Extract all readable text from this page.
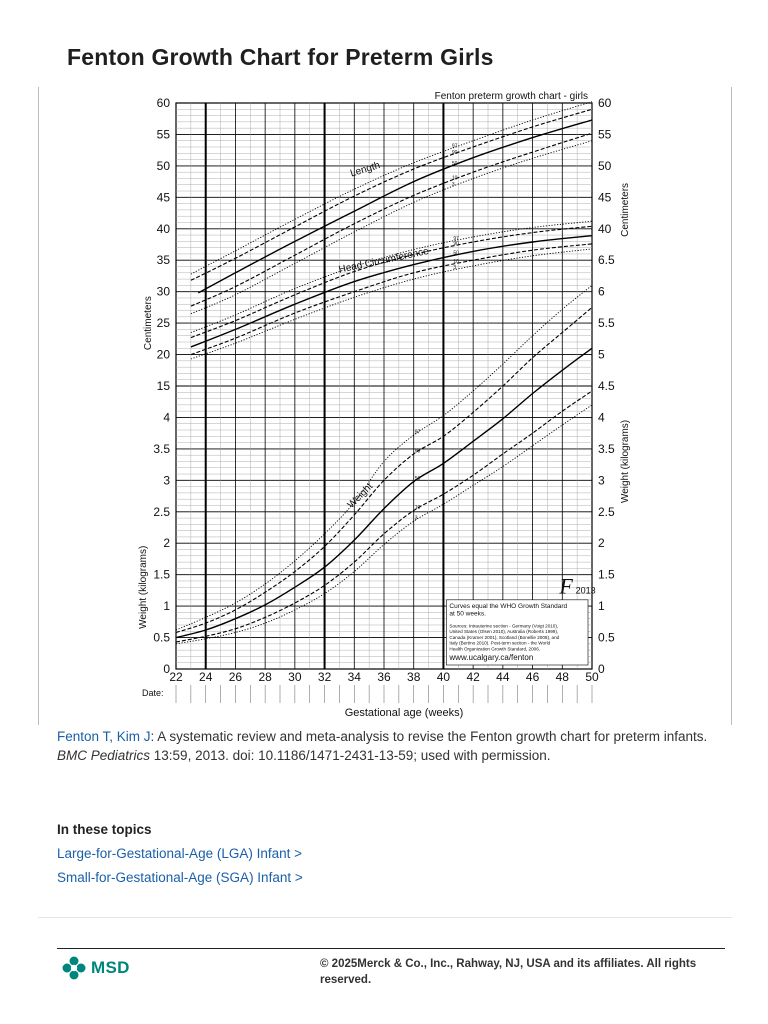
Fenton Growth Chart for Preterm Girls
Fenton preterm growth chart - girls
60
55
50
45
40
35
30
25
20
15
4
3.5
3
2.5
2
1.5
1
0.5
0
60
55
50
45
40
6.5
6
5.5
5
4.5
4
3.5
3
2.5
2
1.5
1
0.5
0
22 24 26 28 30 32 34 36 38 40 42 44 46 48 50
Date:
Gestational age (weeks)
Centimeters
Weight (kilograms)
Centimeters
Weight (kilograms)
F 2013
Curves equal the WHO Growth Standard
at 50 weeks.
Sources: Intrauterine section - Germany (Voigt 2010),
United States (Olsen 2010), Australia (Roberts 1999),
Canada (Kramer 2001), Scotland (Bonellie 2008), and
Italy (Bertino 2010). Post-term section - the World
Health Organization Growth Standard, 2006.
www.ucalgary.ca/fenton
97
90
50
10
3
97
90
50
10
3
97
90
50
10
3
Length
Head Circumference
Weight
Fenton T, Kim J: A systematic review and meta-analysis to revise the Fenton growth chart for preterm infants. BMC Pediatrics 13:59, 2013. doi: 10.1186/1471-2431-13-59; used with permission.
In these topics
Large-for-Gestational-Age (LGA) Infant >
Small-for-Gestational-Age (SGA) Infant >
MSD	© 2025Merck & Co., Inc., Rahway, NJ, USA and its affiliates. All rights reserved.
